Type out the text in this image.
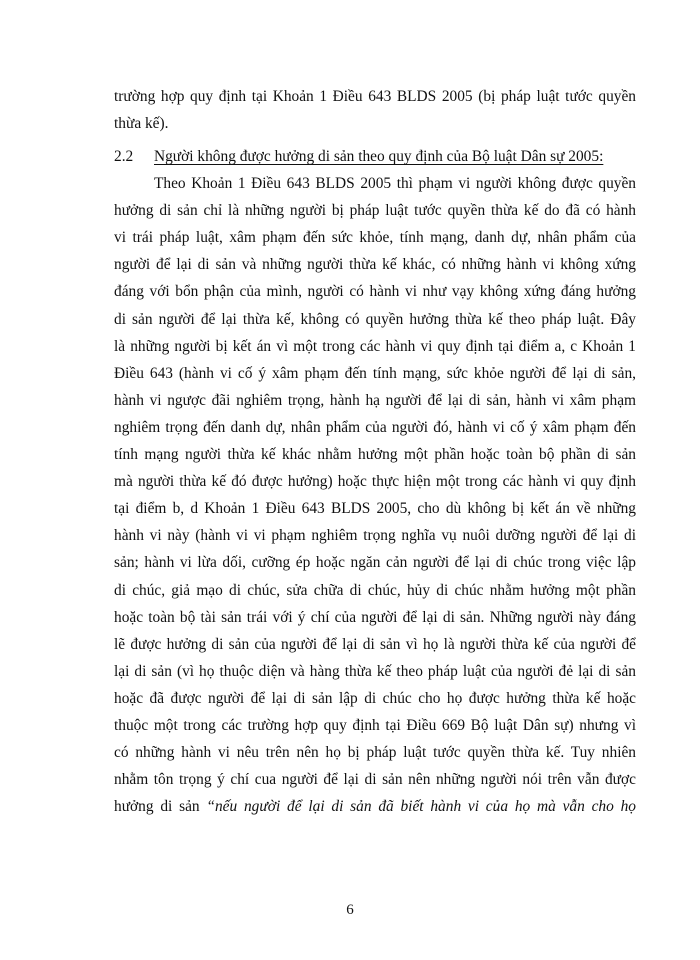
trường hợp quy định tại Khoản 1 Điều 643 BLDS 2005 (bị pháp luật tước quyền
thừa kế).
2.2 Người không được hưởng di sản theo quy định của Bộ luật Dân sự 2005:
Theo Khoản 1 Điều 643 BLDS 2005 thì phạm vi người không được quyền
hưởng di sản chỉ là những người bị pháp luật tước quyền thừa kế do đã có hành
vi trái pháp luật, xâm phạm đến sức khỏe, tính mạng, danh dự, nhân phẩm của
người để lại di sản và những người thừa kế khác, có những hành vi không xứng
đáng với bổn phận của mình, người có hành vi như vạy không xứng đáng hưởng
di sản người để lại thừa kế, không có quyền hưởng thừa kế theo pháp luật. Đây
là những người bị kết án vì một trong các hành vi quy định tại điểm a, c Khoản 1
Điều 643 (hành vi cố ý xâm phạm đến tính mạng, sức khỏe người để lại di sản,
hành vi ngược đãi nghiêm trọng, hành hạ người để lại di sản, hành vi xâm phạm
nghiêm trọng đến danh dự, nhân phẩm của người đó, hành vi cố ý xâm phạm đến
tính mạng người thừa kế khác nhằm hưởng một phần hoặc toàn bộ phần di sản
mà người thừa kế đó được hưởng) hoặc thực hiện một trong các hành vi quy định
tại điểm b, d Khoản 1 Điều 643 BLDS 2005, cho dù không bị kết án về những
hành vi này (hành vi vi phạm nghiêm trọng nghĩa vụ nuôi dưỡng người để lại di
sản; hành vi lừa dối, cưỡng ép hoặc ngăn cản người để lại di chúc trong việc lập
di chúc, giả mạo di chúc, sửa chữa di chúc, hủy di chúc nhằm hưởng một phần
hoặc toàn bộ tài sản trái với ý chí của người để lại di sản. Những người này đáng
lẽ được hưởng di sản của người để lại di sản vì họ là người thừa kế của người để
lại di sản (vì họ thuộc diện và hàng thừa kế theo pháp luật của người đẻ lại di sản
hoặc đã được người để lại di sản lập di chúc cho họ được hưởng thừa kế hoặc
thuộc một trong các trường hợp quy định tại Điều 669 Bộ luật Dân sự) nhưng vì
có những hành vi nêu trên nên họ bị pháp luật tước quyền thừa kế. Tuy nhiên
nhằm tôn trọng ý chí cua người để lại di sản nên những người nói trên vẫn được
hưởng di sản “nếu người để lại di sản đã biết hành vi của họ mà vẫn cho họ
6
